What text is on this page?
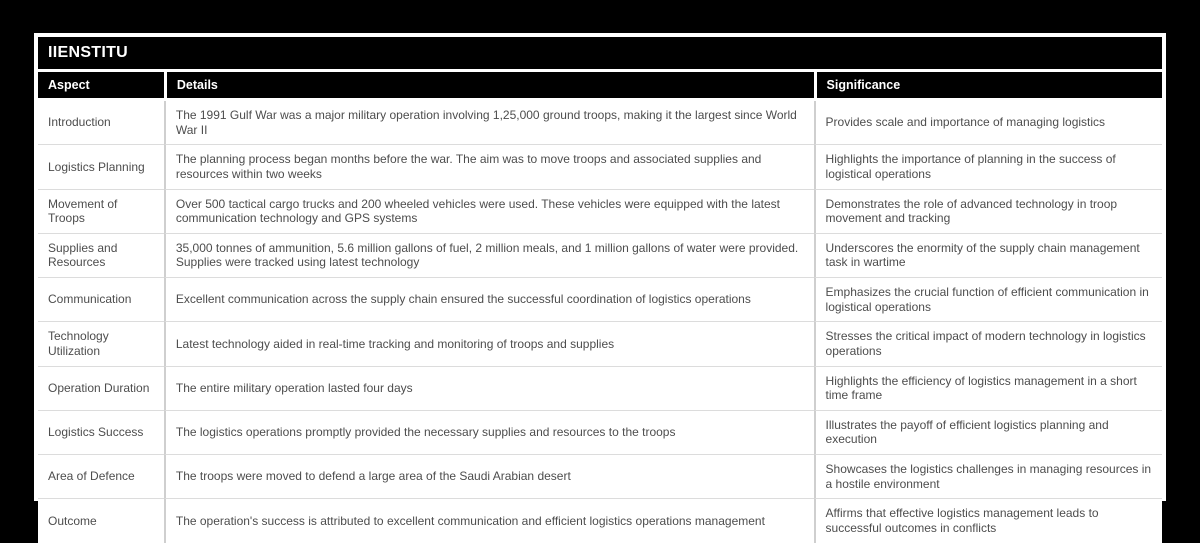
IIENSTITU
Aspect	Details	Significance
Introduction	The 1991 Gulf War was a major military operation involving 1,25,000 ground troops, making it the largest since World War II	Provides scale and importance of managing logistics
Logistics Planning	The planning process began months before the war. The aim was to move troops and associated supplies and resources within two weeks	Highlights the importance of planning in the success of logistical operations
Movement of Troops	Over 500 tactical cargo trucks and 200 wheeled vehicles were used. These vehicles were equipped with the latest communication technology and GPS systems	Demonstrates the role of advanced technology in troop movement and tracking
Supplies and Resources	35,000 tonnes of ammunition, 5.6 million gallons of fuel, 2 million meals, and 1 million gallons of water were provided. Supplies were tracked using latest technology	Underscores the enormity of the supply chain management task in wartime
Communication	Excellent communication across the supply chain ensured the successful coordination of logistics operations	Emphasizes the crucial function of efficient communication in logistical operations
Technology Utilization	Latest technology aided in real-time tracking and monitoring of troops and supplies	Stresses the critical impact of modern technology in logistics operations
Operation Duration	The entire military operation lasted four days	Highlights the efficiency of logistics management in a short time frame
Logistics Success	The logistics operations promptly provided the necessary supplies and resources to the troops	Illustrates the payoff of efficient logistics planning and execution
Area of Defence	The troops were moved to defend a large area of the Saudi Arabian desert	Showcases the logistics challenges in managing resources in a hostile environment
Outcome	The operation's success is attributed to excellent communication and efficient logistics operations management	Affirms that effective logistics management leads to successful outcomes in conflicts
